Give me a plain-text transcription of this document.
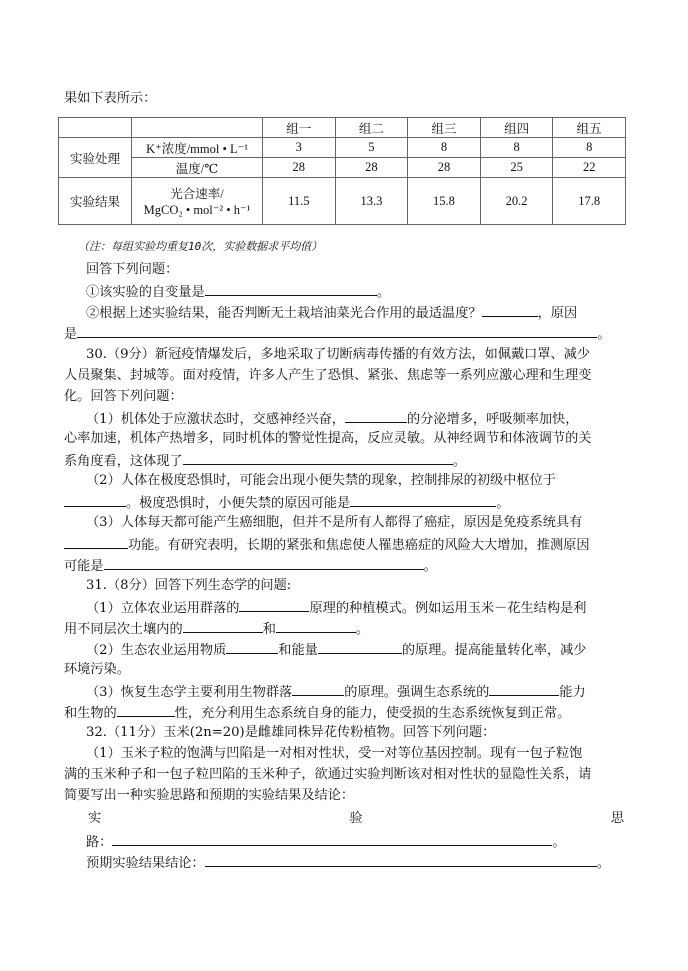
果如下表所示：
		组一	组二	组三	组四	组五
实验处理	K⁺浓度/mmol • L⁻¹	3	5	8	8	8
	温度/℃	28	28	28	25	22
实验结果	光合速率/
MgCO₂ • mol⁻² • h⁻¹	11.5	13.3	15.8	20.2	17.8
（注：每组实验均重复10次，实验数据求平均值）
回答下列问题：
①该实验的自变量是	。
②根据上述实验结果，能否判断无土栽培油菜光合作用的最适温度？	，原因
是	。
30.（9分）新冠疫情爆发后，多地采取了切断病毒传播的有效方法，如佩戴口罩、减少
人员聚集、封城等。面对疫情，许多人产生了恐惧、紧张、焦虑等一系列应激心理和生理变
化。回答下列问题：
（1）机体处于应激状态时，交感神经兴奋，	的分泌增多，呼吸频率加快，
心率加速，机体产热增多，同时机体的警觉性提高，反应灵敏。从神经调节和体液调节的关
系角度看，这体现了	。
（2）人体在极度恐惧时，可能会出现小便失禁的现象，控制排尿的初级中枢位于
。极度恐惧时，小便失禁的原因可能是	。
（3）人体每天都可能产生癌细胞，但并不是所有人都得了癌症，原因是免疫系统具有
功能。有研究表明，长期的紧张和焦虑使人罹患癌症的风险大大增加，推测原因
可能是	。
31.（8分）回答下列生态学的问题:
（1）立体农业运用群落的	原理的种植模式。例如运用玉米－花生结构是利
用不同层次土壤内的	和	。
（2）生态农业运用物质	和能量	的原理。提高能量转化率，减少
环境污染。
（3）恢复生态学主要利用生物群落	的原理。强调生态系统的	能力
和生物的	性，充分利用生态系统自身的能力，使受损的生态系统恢复到正常。
32.（11分）玉米(2n=20)是雌雄同株异花传粉植物。回答下列问题：
（1）玉米子粒的饱满与凹陷是一对相对性状，受一对等位基因控制。现有一包子粒饱
满的玉米种子和一包子粒凹陷的玉米种子，欲通过实验判断该对相对性状的显隐性关系，请
简要写出一种实验思路和预期的实验结果及结论：
实	验	思
路：	。
预期实验结果结论：	。
